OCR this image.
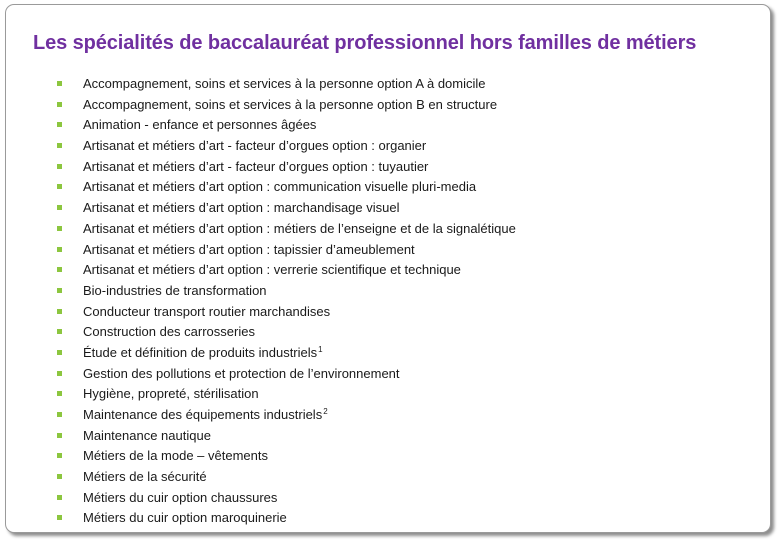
Les spécialités de baccalauréat professionnel hors familles de métiers
Accompagnement, soins et services à la personne option A à domicile
Accompagnement, soins et services à la personne option B en structure
Animation - enfance et personnes âgées
Artisanat et métiers d’art - facteur d’orgues option : organier
Artisanat et métiers d’art - facteur d’orgues option : tuyautier
Artisanat et métiers d’art option : communication visuelle pluri-media
Artisanat et métiers d’art option : marchandisage visuel
Artisanat et métiers d’art option : métiers de l’enseigne et de la signalétique
Artisanat et métiers d’art option : tapissier d’ameublement
Artisanat et métiers d’art option : verrerie scientifique et technique
Bio-industries de transformation
Conducteur transport routier marchandises
Construction des carrosseries
Étude et définition de produits industriels$^1$
Gestion des pollutions et protection de l’environnement
Hygiène, propreté, stérilisation
Maintenance des équipements industriels$^2$
Maintenance nautique
Métiers de la mode – vêtements
Métiers de la sécurité
Métiers du cuir option chaussures
Métiers du cuir option maroquinerie
